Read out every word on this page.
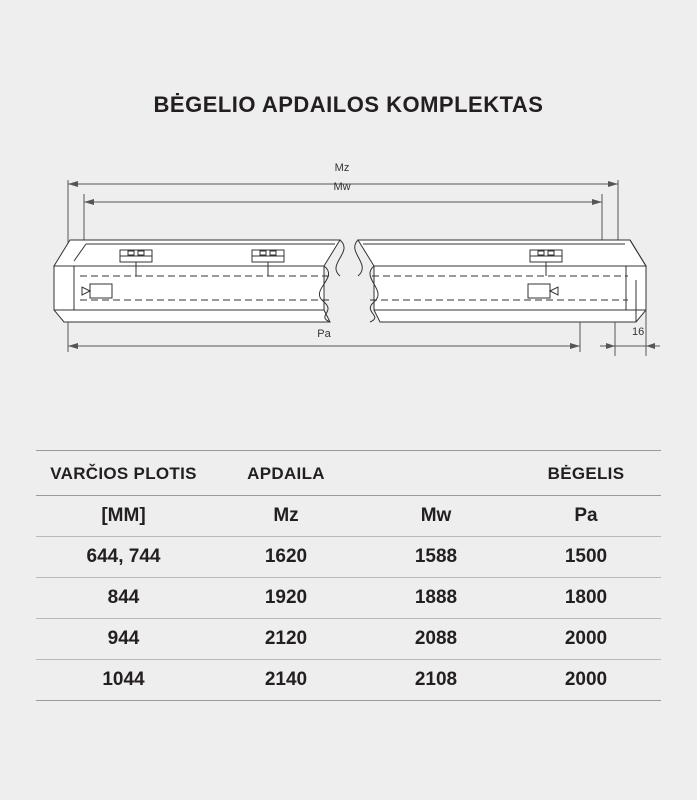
BĖGELIO APDAILOS KOMPLEKTAS
Mz
Mw
Pa	16
VARČIOS PLOTIS	APDAILA		BĖGELIS
[MM]	Mz	Mw	Pa
644, 744	1620	1588	1500
844	1920	1888	1800
944	2120	2088	2000
1044	2140	2108	2000
